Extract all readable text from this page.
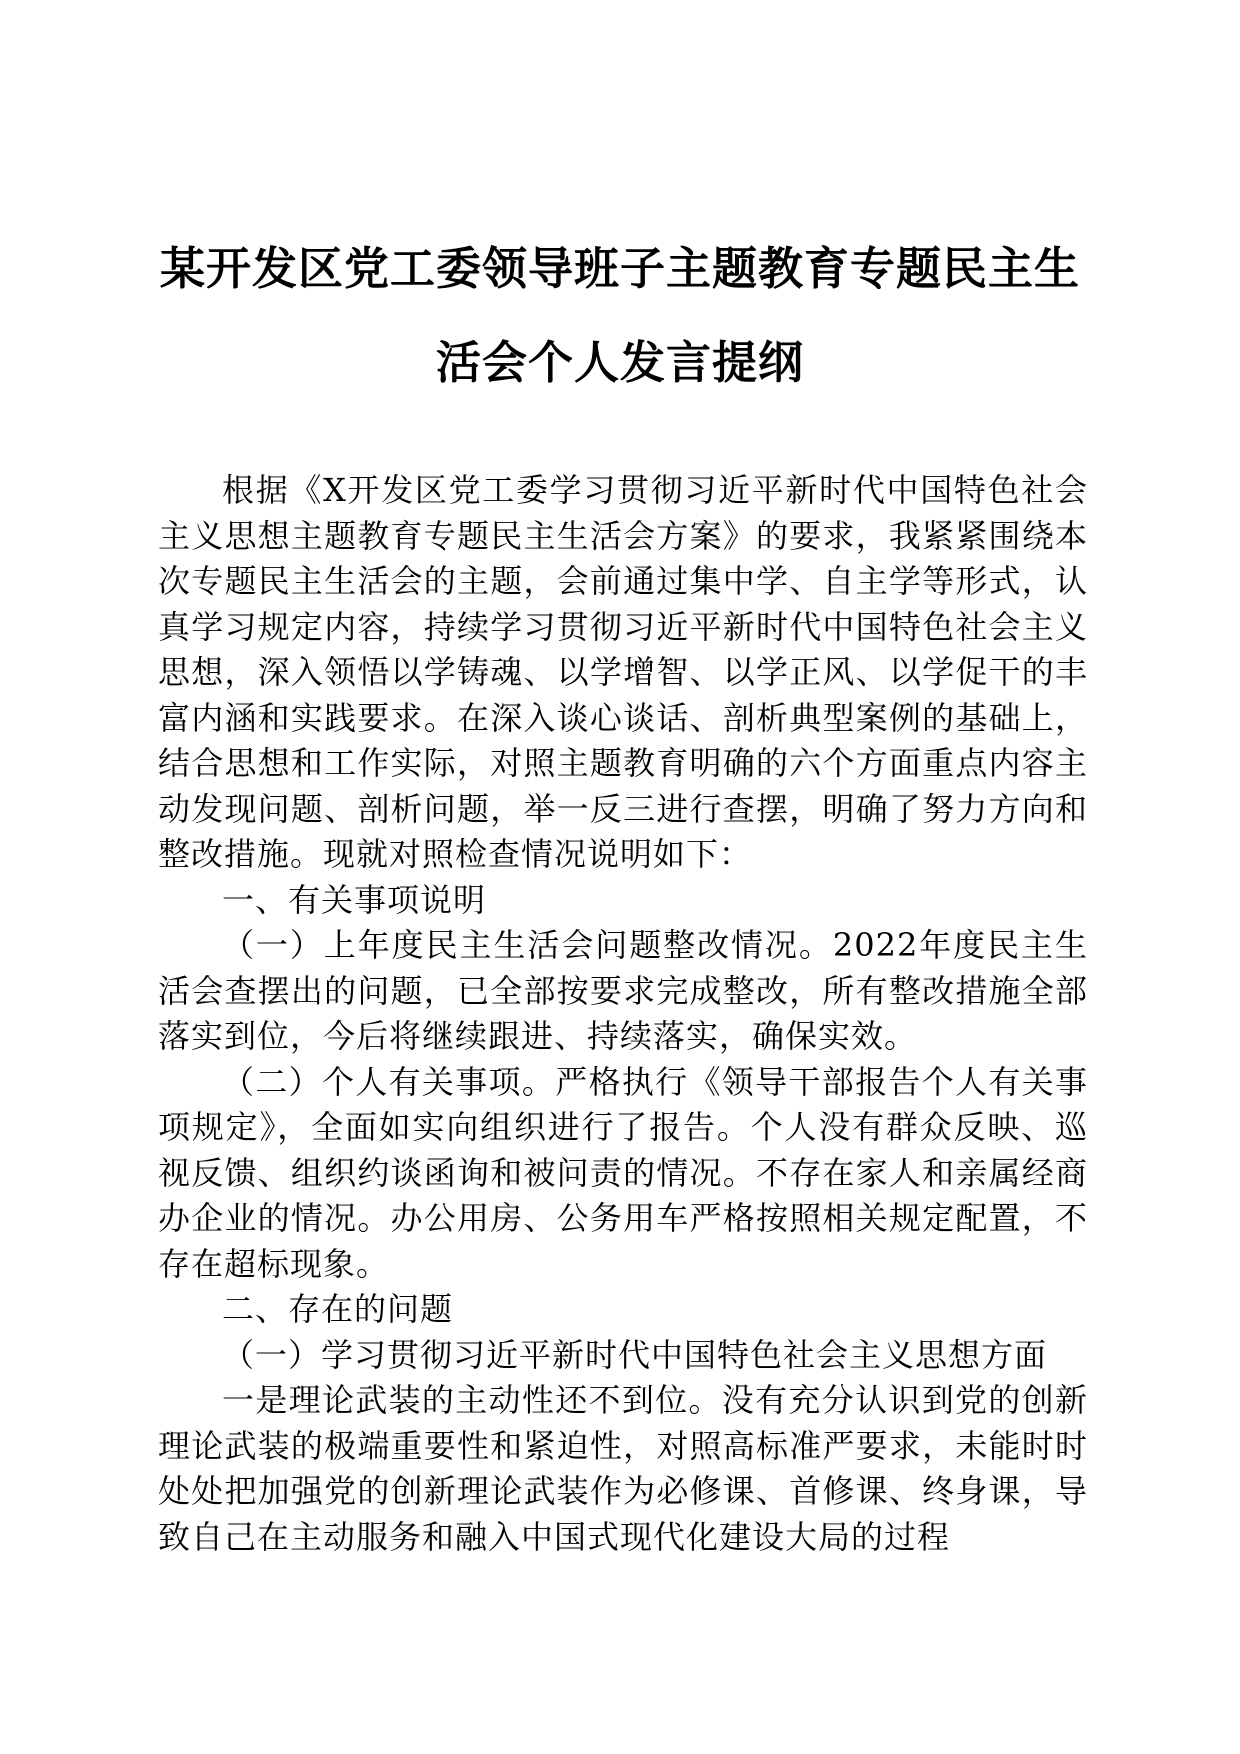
某开发区党工委领导班子主题教育专题民主生
活会个人发言提纲

根据《X开发区党工委学习贯彻习近平新时代中国特色社会主义思想主题教育专题民主生活会方案》的要求，我紧紧围绕本次专题民主生活会的主题，会前通过集中学、自主学等形式，认真学习规定内容，持续学习贯彻习近平新时代中国特色社会主义思想，深入领悟以学铸魂、以学增智、以学正风、以学促干的丰富内涵和实践要求。在深入谈心谈话、剖析典型案例的基础上，结合思想和工作实际，对照主题教育明确的六个方面重点内容主动发现问题、剖析问题，举一反三进行查摆，明确了努力方向和整改措施。现就对照检查情况说明如下：

一、有关事项说明

（一）上年度民主生活会问题整改情况。2022年度民主生活会查摆出的问题，已全部按要求完成整改，所有整改措施全部落实到位，今后将继续跟进、持续落实，确保实效。

（二）个人有关事项。严格执行《领导干部报告个人有关事项规定》，全面如实向组织进行了报告。个人没有群众反映、巡视反馈、组织约谈函询和被问责的情况。不存在家人和亲属经商办企业的情况。办公用房、公务用车严格按照相关规定配置，不存在超标现象。

二、存在的问题

（一）学习贯彻习近平新时代中国特色社会主义思想方面

一是理论武装的主动性还不到位。没有充分认识到党的创新理论武装的极端重要性和紧迫性，对照高标准严要求，未能时时处处把加强党的创新理论武装作为必修课、首修课、终身课，导致自己在主动服务和融入中国式现代化建设大局的过程
